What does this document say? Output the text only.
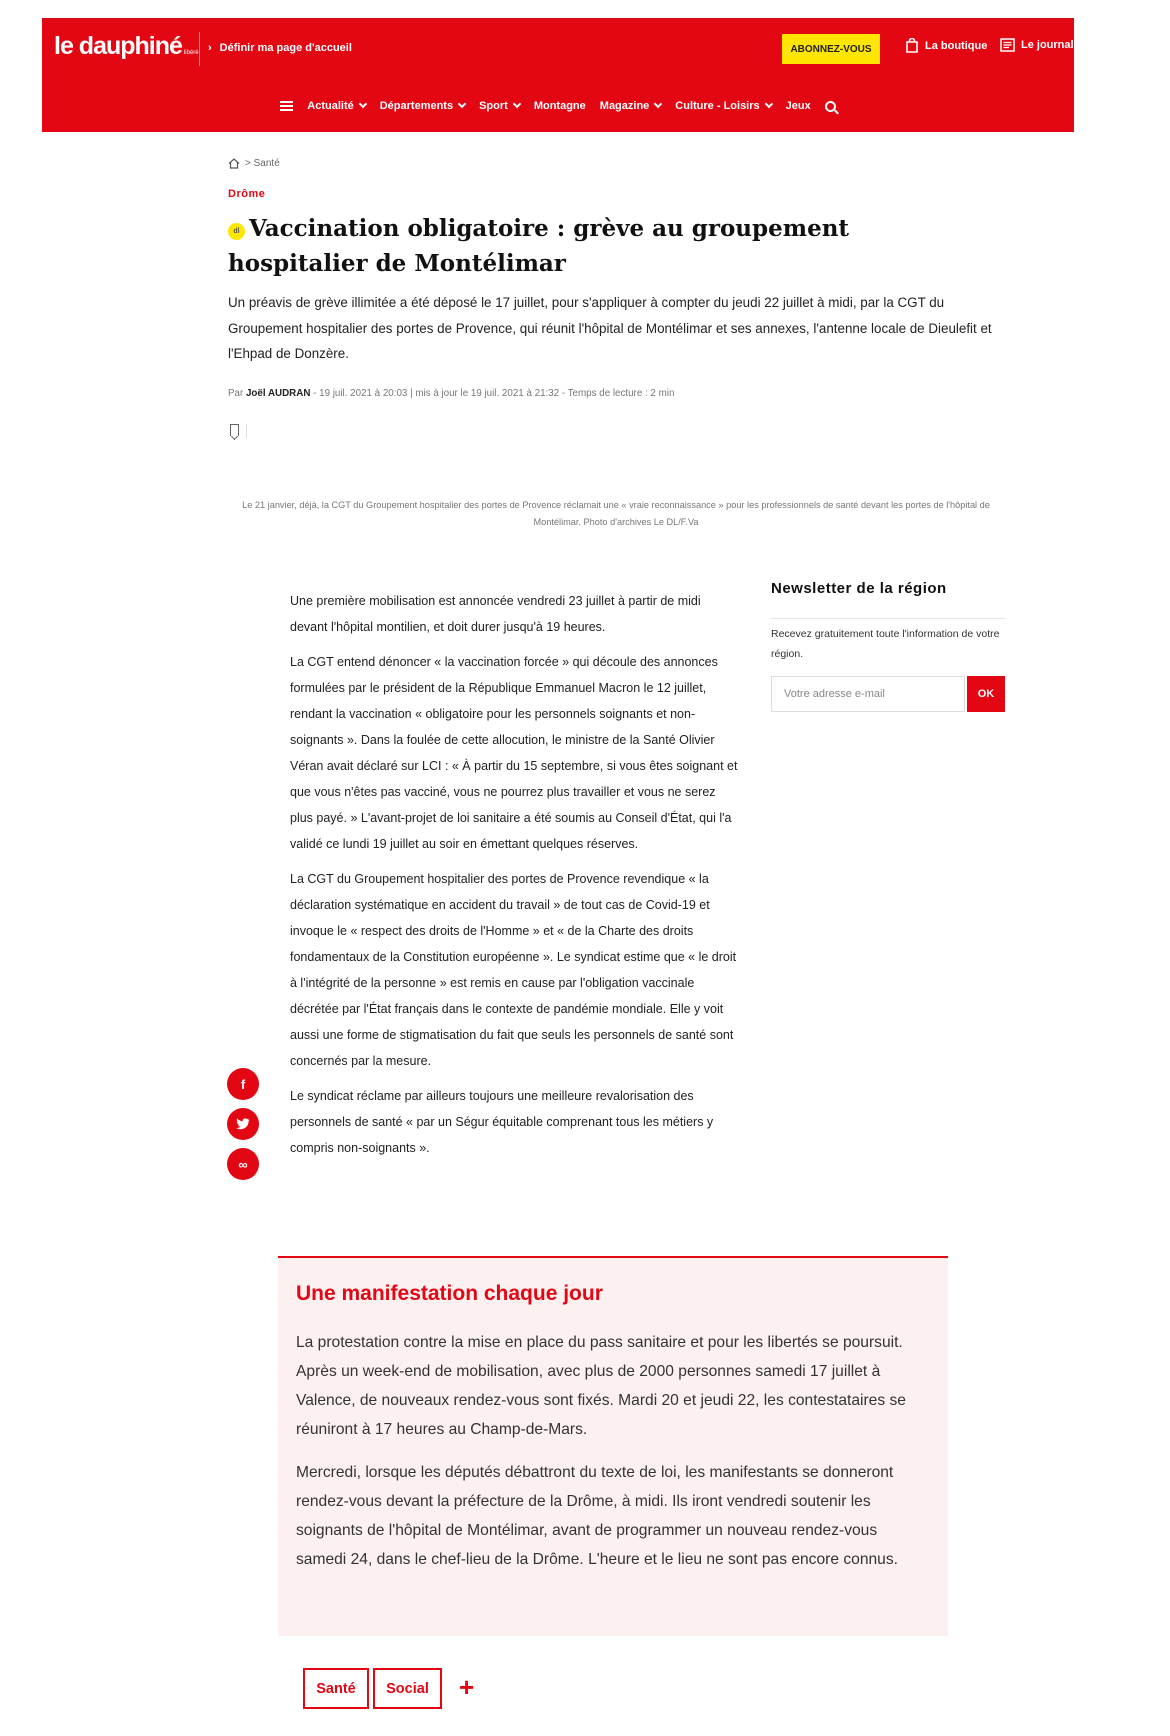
le dauphiné libéré › Définir ma page d'accueil	ABONNEZ-VOUS	La boutique	Le journal
Actualité Départements Sport Montagne Magazine Culture - Loisirs Jeux
> Santé
Drôme
dl Vaccination obligatoire : grève au groupement hospitalier de Montélimar

Un préavis de grève illimitée a été déposé le 17 juillet, pour s'appliquer à compter du jeudi 22 juillet à midi, par la CGT du Groupement hospitalier des portes de Provence, qui réunit l'hôpital de Montélimar et ses annexes, l'antenne locale de Dieulefit et l'Ehpad de Donzère.

Par Joël AUDRAN - 19 juil. 2021 à 20:03 | mis à jour le 19 juil. 2021 à 21:32 - Temps de lecture : 2 min

Le 21 janvier, déjà, la CGT du Groupement hospitalier des portes de Provence réclamait une « vraie reconnaissance » pour les professionnels de santé devant les portes de l'hôpital de Montélimar. Photo d'archives Le DL/F.Va

Une première mobilisation est annoncée vendredi 23 juillet à partir de midi devant l'hôpital montilien, et doit durer jusqu'à 19 heures.

La CGT entend dénoncer « la vaccination forcée » qui découle des annonces formulées par le président de la République Emmanuel Macron le 12 juillet, rendant la vaccination « obligatoire pour les personnels soignants et non-soignants ». Dans la foulée de cette allocution, le ministre de la Santé Olivier Véran avait déclaré sur LCI : « À partir du 15 septembre, si vous êtes soignant et que vous n'êtes pas vacciné, vous ne pourrez plus travailler et vous ne serez plus payé. » L'avant-projet de loi sanitaire a été soumis au Conseil d'État, qui l'a validé ce lundi 19 juillet au soir en émettant quelques réserves.

La CGT du Groupement hospitalier des portes de Provence revendique « la déclaration systématique en accident du travail » de tout cas de Covid-19 et invoque le « respect des droits de l'Homme » et « de la Charte des droits fondamentaux de la Constitution européenne ». Le syndicat estime que « le droit à l'intégrité de la personne » est remis en cause par l'obligation vaccinale décrétée par l'État français dans le contexte de pandémie mondiale. Elle y voit aussi une forme de stigmatisation du fait que seuls les personnels de santé sont concernés par la mesure.

Le syndicat réclame par ailleurs toujours une meilleure revalorisation des personnels de santé « par un Ségur équitable comprenant tous les métiers y compris non-soignants ».

f
∞
Newsletter de la région

Recevez gratuitement toute l'information de votre région.

Votre adresse e-mail
OK
Une manifestation chaque jour

La protestation contre la mise en place du pass sanitaire et pour les libertés se poursuit. Après un week-end de mobilisation, avec plus de 2000 personnes samedi 17 juillet à Valence, de nouveaux rendez-vous sont fixés. Mardi 20 et jeudi 22, les contestataires se réuniront à 17 heures au Champ-de-Mars.

Mercredi, lorsque les députés débattront du texte de loi, les manifestants se donneront rendez-vous devant la préfecture de la Drôme, à midi. Ils iront vendredi soutenir les soignants de l'hôpital de Montélimar, avant de programmer un nouveau rendez-vous samedi 24, dans le chef-lieu de la Drôme. L'heure et le lieu ne sont pas encore connus.

Santé	Social	+
